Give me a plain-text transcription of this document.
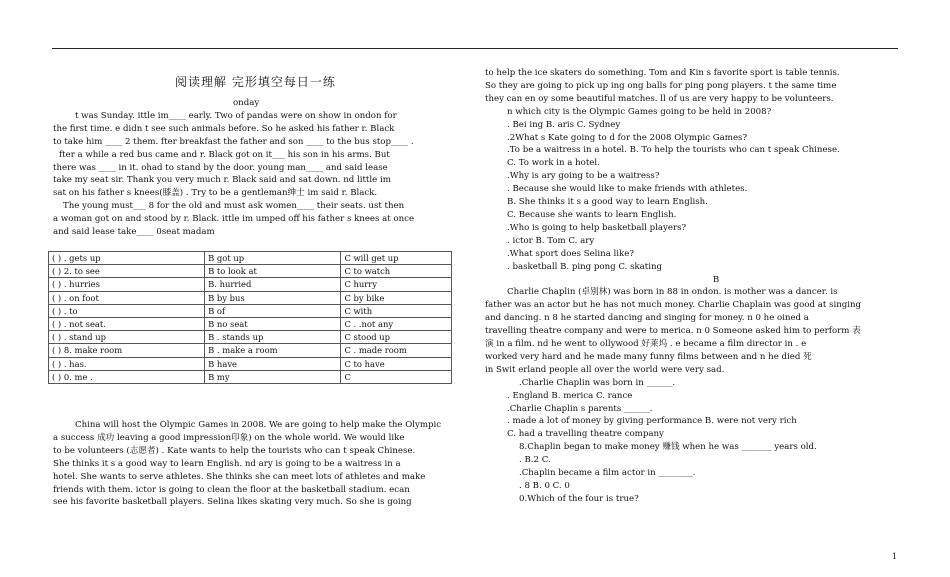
阅读理解 完形填空每日一练
onday
t was Sunday. ittle im____ early. Two of pandas were on show in ondon for
the first time. e didn t see such animals before. So he asked his father r. Black
to take him ____ 2 them. fter breakfast the father and son ____ to the bus stop____ .
fter a while a red bus came and r. Black got on it___ his son in his arms. But
there was ____ in it. ohad to stand by the door. young man____ and said lease
take my seat sir. Thank you very much r. Black said and sat down. nd little im
sat on his father s knees(膝盖) . Try to be a gentleman绅士 im said r. Black.
The young must___ 8 for the old and must ask women____ their seats. ust then
a woman got on and stood by r. Black. ittle im umped off his father s knees at once
and said lease take____ 0seat madam
( ) . gets up	B got up	C will get up
( ) 2. to see	B to look at	C to watch
( ) . hurries	B. hurried	C hurry
( ) . on foot	B by bus	C by bike
( ) . to	B of	C with
( ) . not seat.	B no seat	C . .not any
( ) . stand up	B . stands up	C stood up
( ) 8. make room	B . make a room	C . made room
( ) . has.	B have	C to have
( ) 0. me .	B my	C
China will host the Olympic Games in 2008. We are going to help make the Olympic
a success 成功 leaving a good impression印象) on the whole world. We would like
to be volunteers (志愿者) . Kate wants to help the tourists who can t speak Chinese.
She thinks it s a good way to learn English. nd ary is going to be a waitress in a
hotel. She wants to serve athletes. She thinks she can meet lots of athletes and make
friends with them. ictor is going to clean the floor at the basketball stadium. ecan
see his favorite basketball players. Selina likes skating very much. So she is going
to help the ice skaters do something. Tom and Kin s favorite sport is table tennis.
So they are going to pick up ing ong balls for ping pong players. t the same time
they can en oy some beautiful matches. ll of us are very happy to be volunteers.
n which city is the Olympic Games going to be held in 2008?
. Bei ing B. aris C. Sydney
.2What s Kate going to d for the 2008 Olympic Games?
.To be a waitress in a hotel. B. To help the tourists who can t speak Chinese.
C. To work in a hotel.
.Why is ary going to be a waitress?
. Because she would like to make friends with athletes.
B. She thinks it s a good way to learn English.
C. Because she wants to learn English.
.Who is going to help basketball players?
. ictor B. Tom C. ary
.What sport does Selina like?
. basketball B. ping pong C. skating
B
Charlie Chaplin (卓别林) was born in 88 in ondon. is mother was a dancer. is
father was an actor but he has not much money. Charlie Chaplain was good at singing
and dancing. n 8 he started dancing and singing for money. n 0 he oined a
travelling theatre company and were to merica. n 0 Someone asked him to perform 表
演 in a film. nd he went to ollywood 好莱坞 . e became a film director in . e
worked very hard and he made many funny films between and n he died 死
in Swit erland people all over the world were very sad.
.Charlie Chaplin was born in ______.
. England B. merica C. rance
.Charlie Chaplin s parents ______.
. made a lot of money by giving performance B. were not very rich
C. had a travelling theatre company
8.Chaplin began to make money 赚钱 when he was _______ years old.
. B.2 C.
.Chaplin became a film actor in ________.
. 8 B. 0 C. 0
0.Which of the four is true?
1
